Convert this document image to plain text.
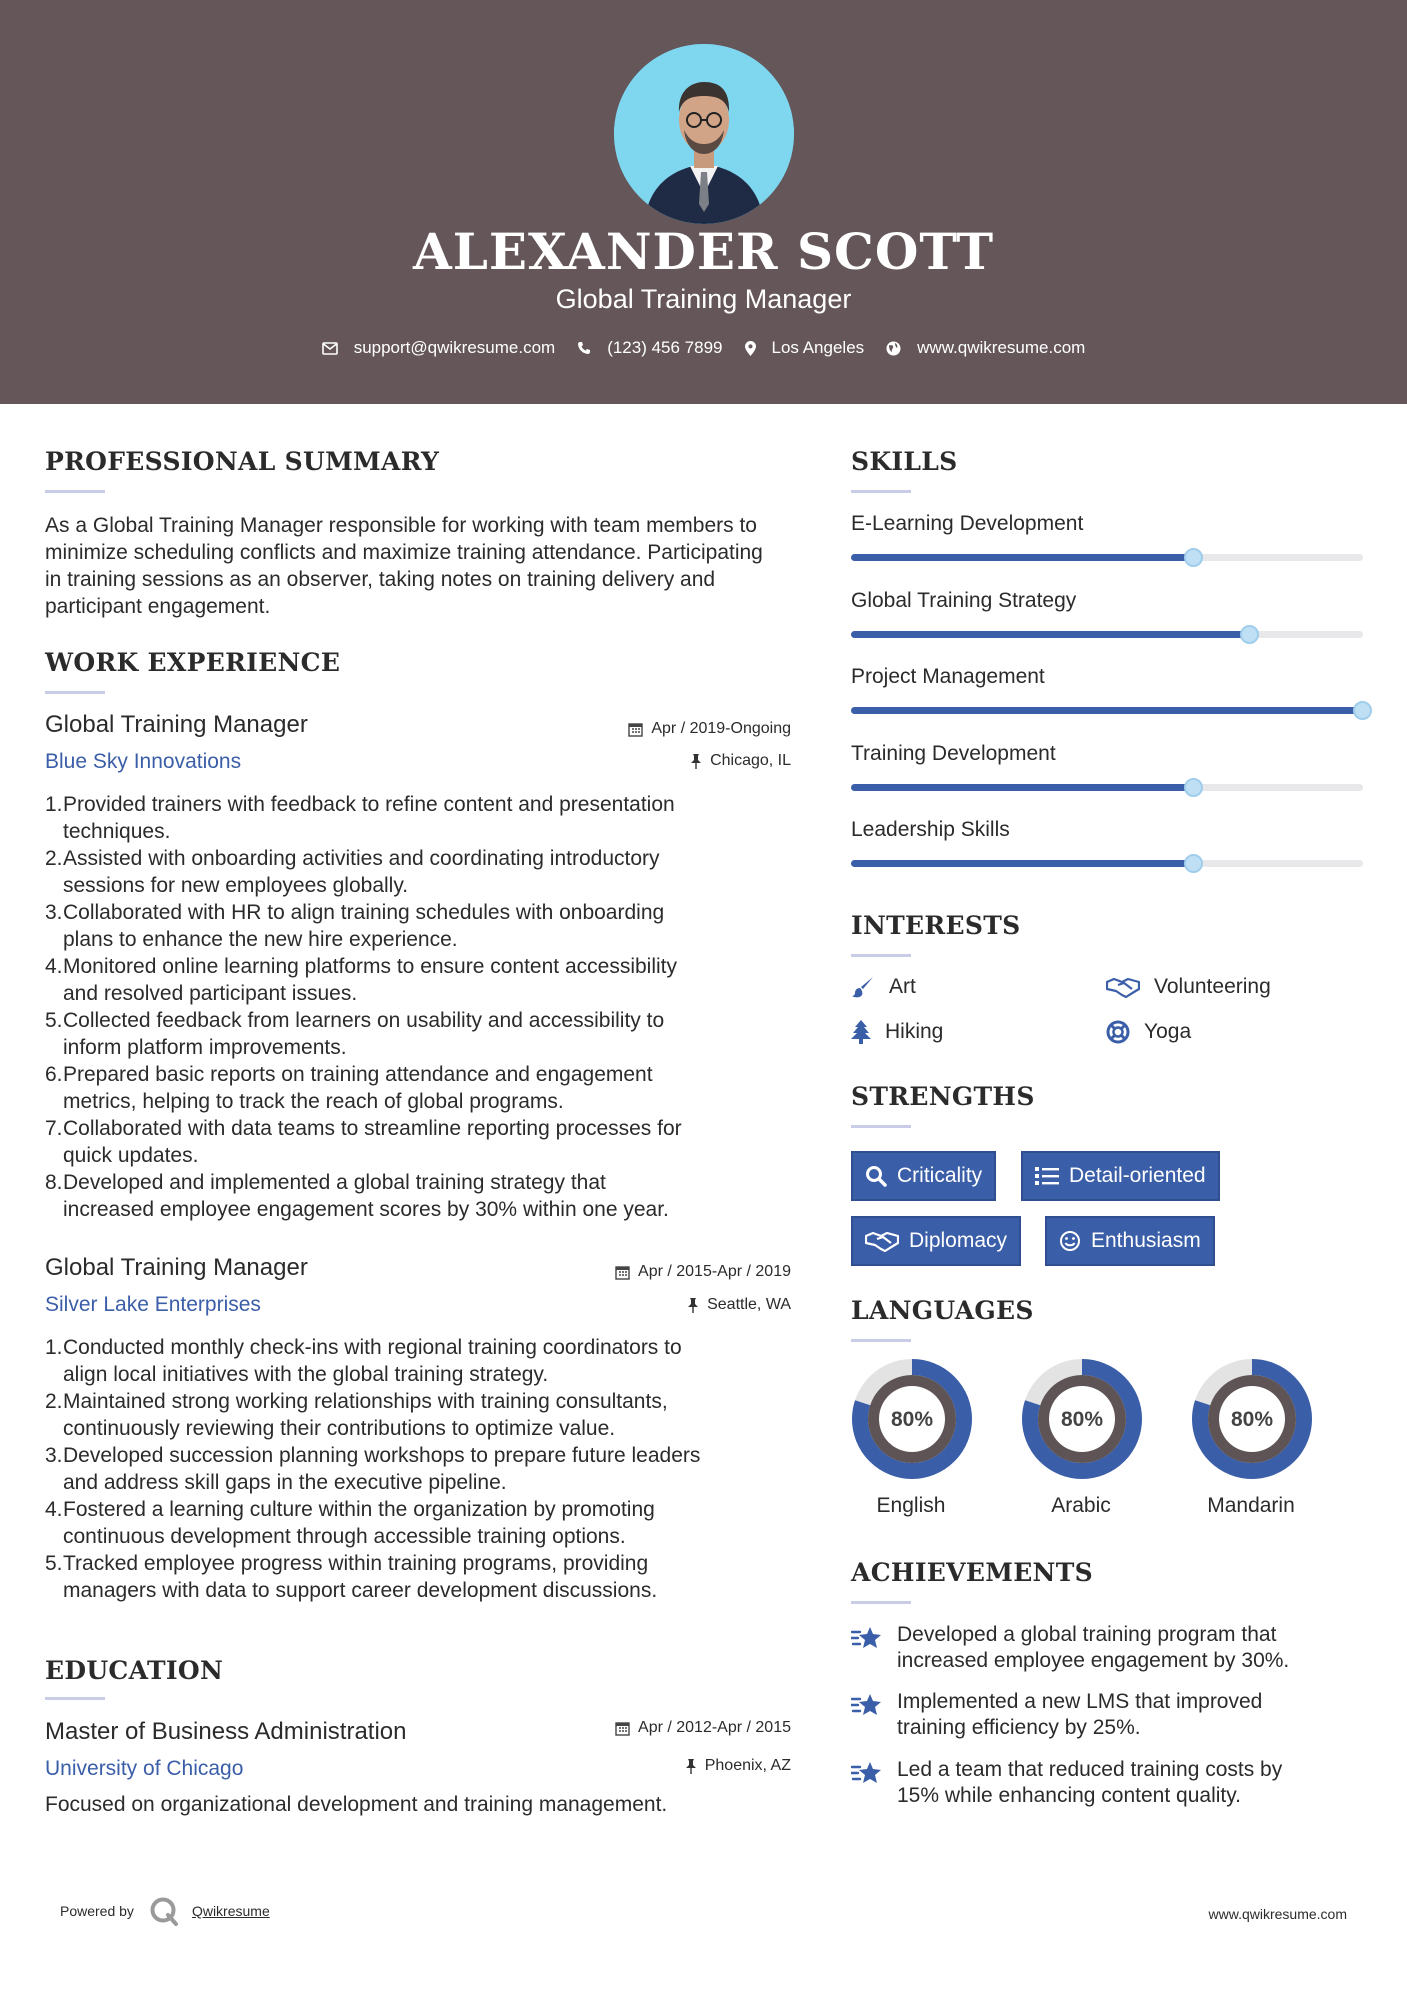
ALEXANDER SCOTT
Global Training Manager
support@qwikresume.com	(123) 456 7899	Los Angeles	www.qwikresume.com
PROFESSIONAL SUMMARY
As a Global Training Manager responsible for working with team members to minimize scheduling conflicts and maximize training attendance. Participating in training sessions as an observer, taking notes on training delivery and participant engagement.
WORK EXPERIENCE
Global Training Manager	Apr / 2019-Ongoing
Blue Sky Innovations	Chicago, IL
1. Provided trainers with feedback to refine content and presentation
techniques.
2. Assisted with onboarding activities and coordinating introductory
sessions for new employees globally.
3. Collaborated with HR to align training schedules with onboarding
plans to enhance the new hire experience.
4. Monitored online learning platforms to ensure content accessibility
and resolved participant issues.
5. Collected feedback from learners on usability and accessibility to
inform platform improvements.
6. Prepared basic reports on training attendance and engagement
metrics, helping to track the reach of global programs.
7. Collaborated with data teams to streamline reporting processes for
quick updates.
8. Developed and implemented a global training strategy that
increased employee engagement scores by 30% within one year.
Global Training Manager	Apr / 2015-Apr / 2019
Silver Lake Enterprises	Seattle, WA
1. Conducted monthly check-ins with regional training coordinators to
align local initiatives with the global training strategy.
2. Maintained strong working relationships with training consultants,
continuously reviewing their contributions to optimize value.
3. Developed succession planning workshops to prepare future leaders
and address skill gaps in the executive pipeline.
4. Fostered a learning culture within the organization by promoting
continuous development through accessible training options.
5. Tracked employee progress within training programs, providing
managers with data to support career development discussions.
EDUCATION
Master of Business Administration	Apr / 2012-Apr / 2015
University of Chicago	Phoenix, AZ
Focused on organizational development and training management.
SKILLS
E-Learning Development
Global Training Strategy
Project Management
Training Development
Leadership Skills
INTERESTS
Art	Volunteering
Hiking	Yoga
STRENGTHS
Criticality	Detail-oriented
Diplomacy	Enthusiasm
LANGUAGES
80%
English
80%
Arabic
80%
Mandarin
ACHIEVEMENTS
Developed a global training program that
increased employee engagement by 30%.
Implemented a new LMS that improved
training efficiency by 25%.
Led a team that reduced training costs by
15% while enhancing content quality.
Powered by	Qwikresume	www.qwikresume.com
